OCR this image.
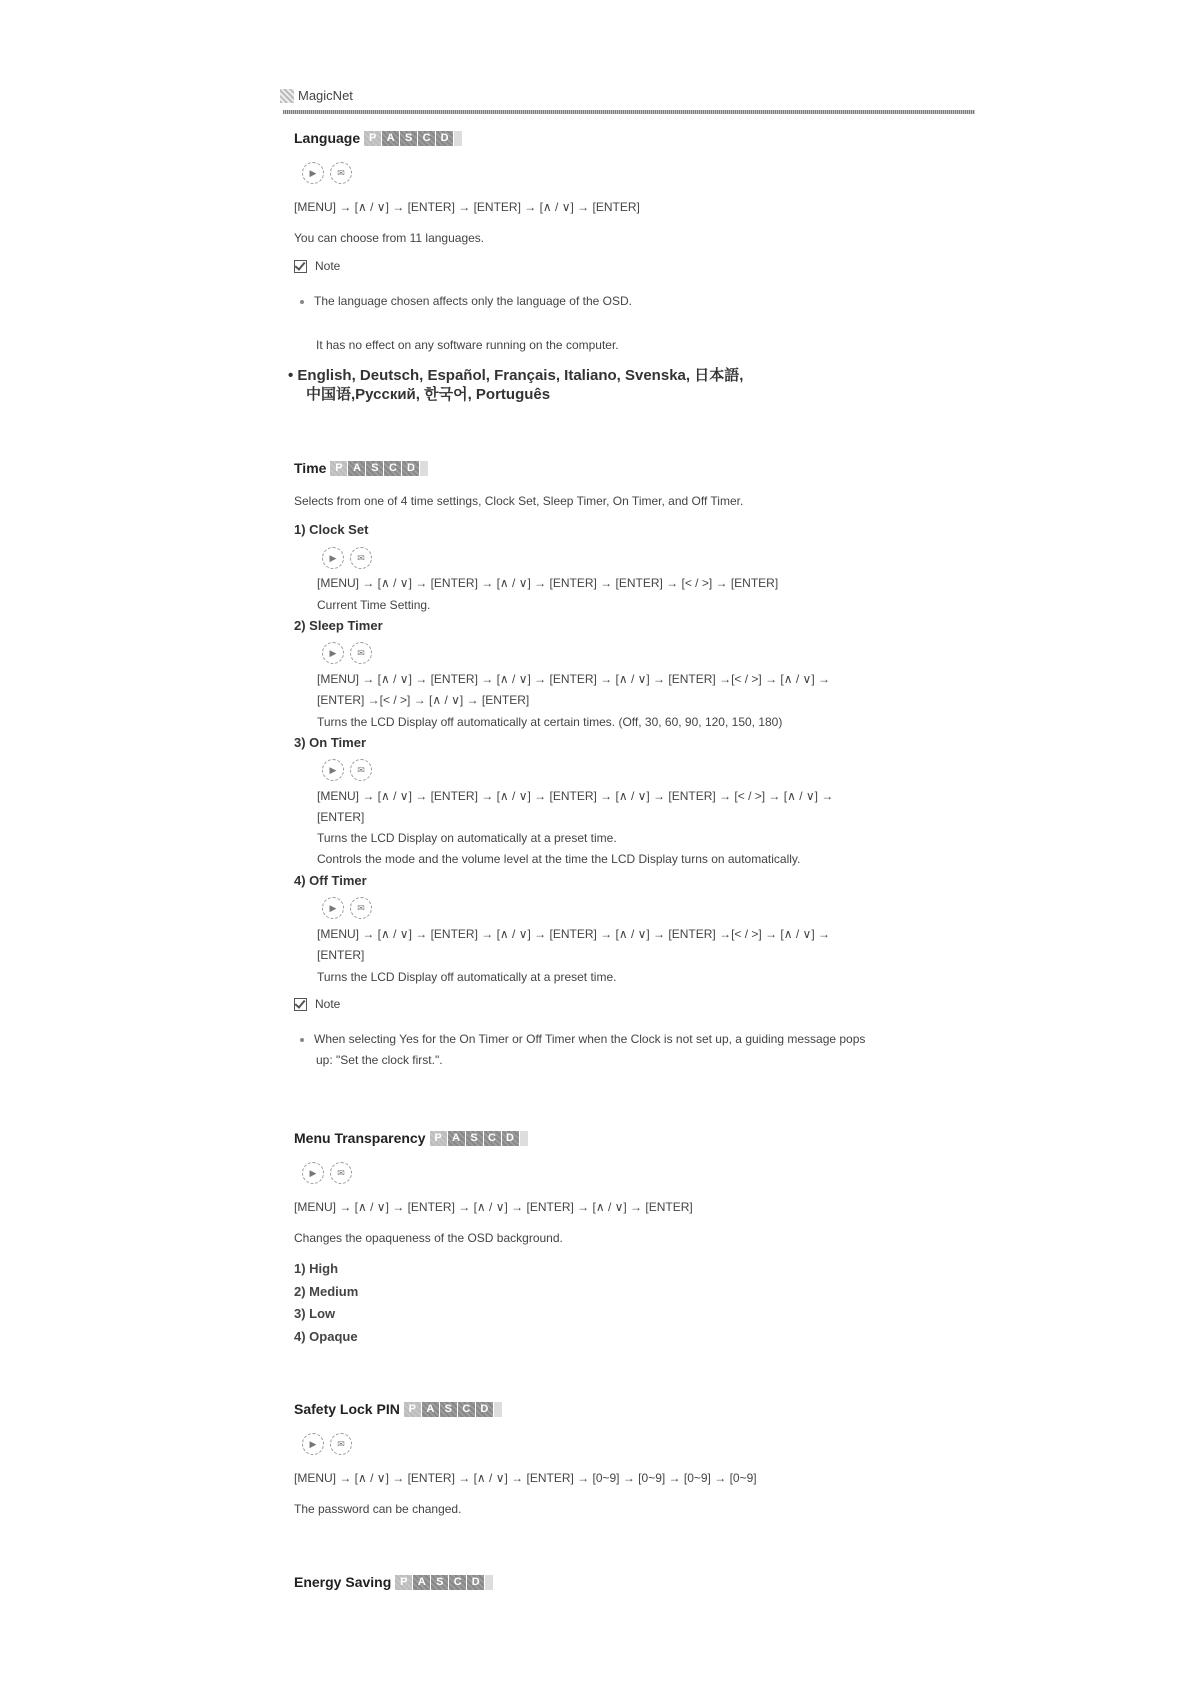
MagicNet
Language P A S C D
▶	✉
[MENU] → [∧ / ∨] → [ENTER] → [ENTER] → [∧ / ∨] → [ENTER]
You can choose from 11 languages.
Note
The language chosen affects only the language of the OSD.
It has no effect on any software running on the computer.
• English, Deutsch, Español, Français, Italiano, Svenska, 日本語,
中国语,Русский, 한국어, Português
Time P A S C D
Selects from one of 4 time settings, Clock Set, Sleep Timer, On Timer, and Off Timer.
1) Clock Set
▶	✉
[MENU] → [∧ / ∨] → [ENTER] → [∧ / ∨] → [ENTER] → [ENTER] → [< / >] → [ENTER]
Current Time Setting.
2) Sleep Timer
▶	✉
[MENU] → [∧ / ∨] → [ENTER] → [∧ / ∨] → [ENTER] → [∧ / ∨] → [ENTER] →[< / >] → [∧ / ∨] →
[ENTER] →[< / >] → [∧ / ∨] → [ENTER]
Turns the LCD Display off automatically at certain times. (Off, 30, 60, 90, 120, 150, 180)
3) On Timer
▶	✉
[MENU] → [∧ / ∨] → [ENTER] → [∧ / ∨] → [ENTER] → [∧ / ∨] → [ENTER] → [< / >] → [∧ / ∨] →
[ENTER]
Turns the LCD Display on automatically at a preset time.
Controls the mode and the volume level at the time the LCD Display turns on automatically.
4) Off Timer
▶	✉
[MENU] → [∧ / ∨] → [ENTER] → [∧ / ∨] → [ENTER] → [∧ / ∨] → [ENTER] →[< / >] → [∧ / ∨] →
[ENTER]
Turns the LCD Display off automatically at a preset time.
Note
When selecting Yes for the On Timer or Off Timer when the Clock is not set up, a guiding message pops
up: "Set the clock first.".
Menu Transparency P A S C D
▶	✉
[MENU] → [∧ / ∨] → [ENTER] → [∧ / ∨] → [ENTER] → [∧ / ∨] → [ENTER]
Changes the opaqueness of the OSD background.
1) High
2) Medium
3) Low
4) Opaque
Safety Lock PIN P A S C D
▶	✉
[MENU] → [∧ / ∨] → [ENTER] → [∧ / ∨] → [ENTER] → [0~9] → [0~9] → [0~9] → [0~9]
The password can be changed.
Energy Saving P A S C D
